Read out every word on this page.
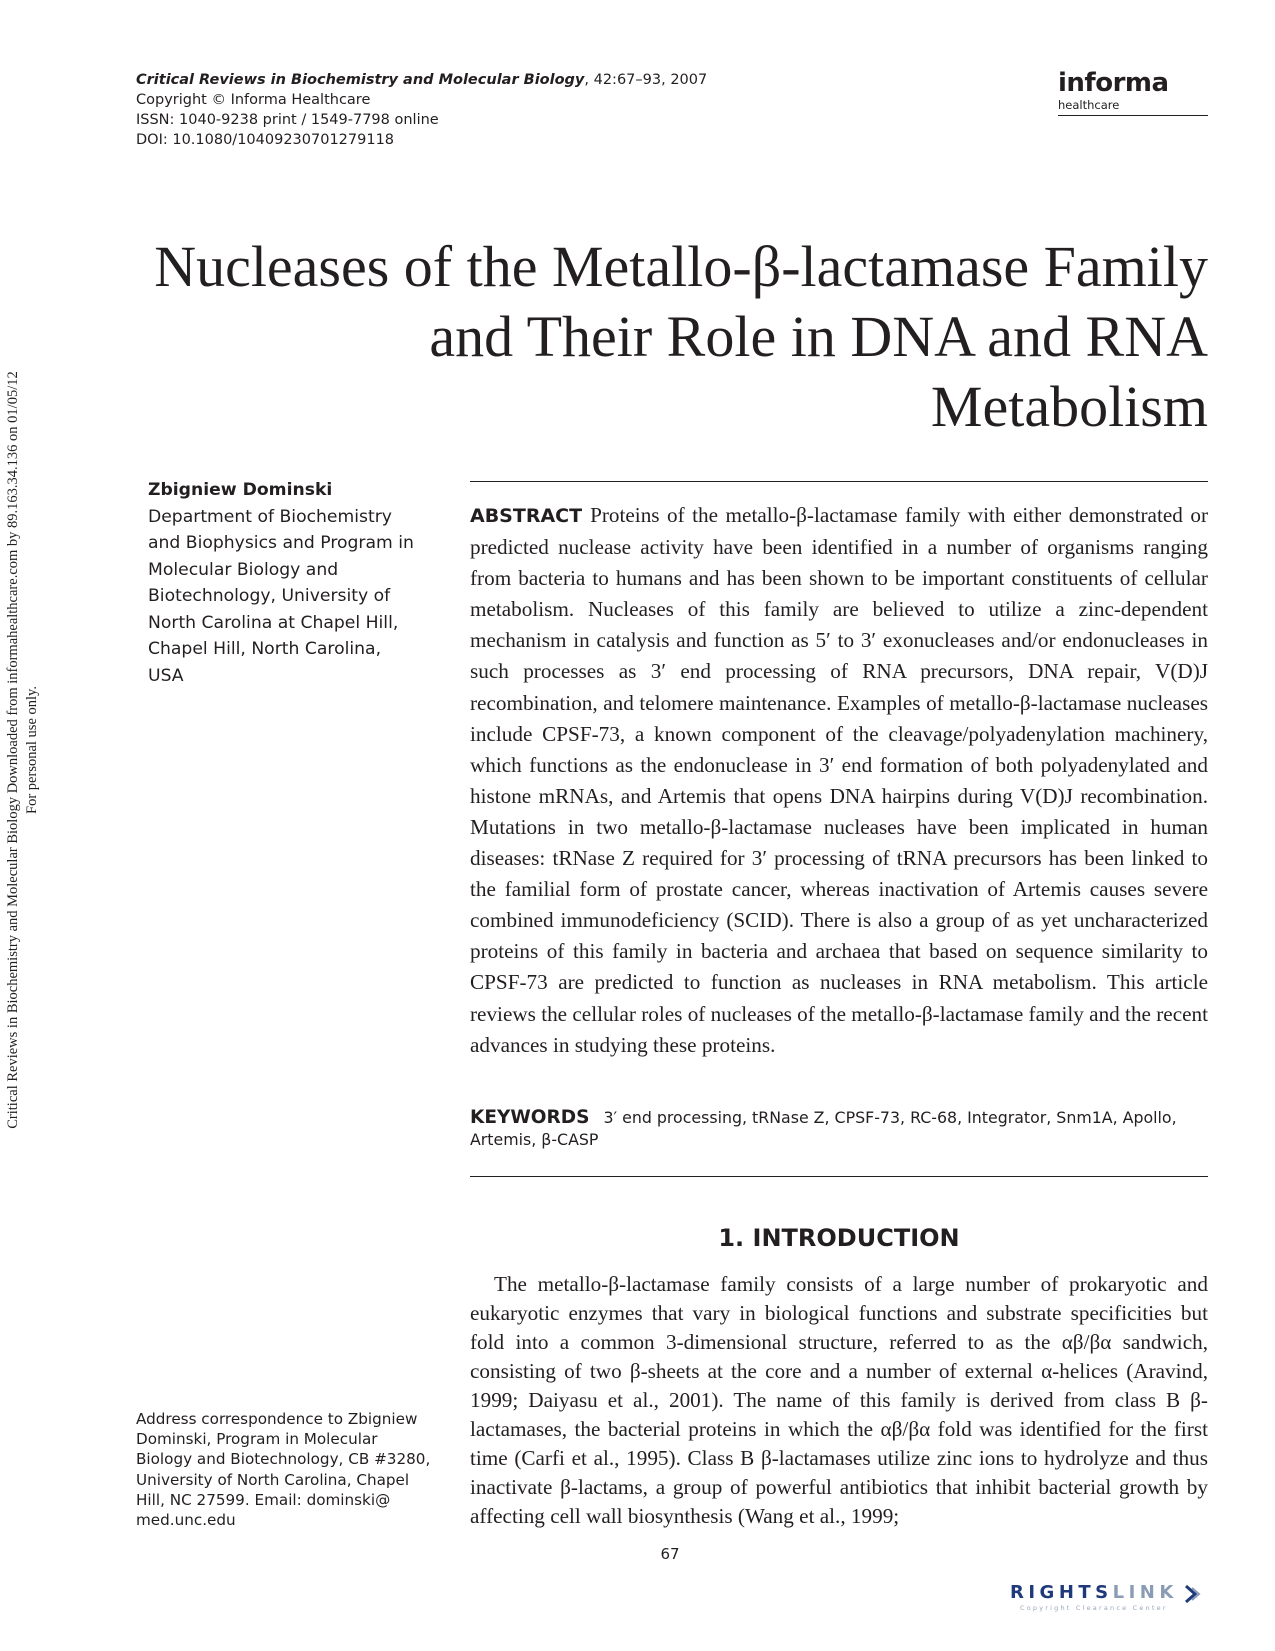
Critical Reviews in Biochemistry and Molecular Biology, 42:67–93, 2007
Copyright © Informa Healthcare
ISSN: 1040-9238 print / 1549-7798 online
DOI: 10.1080/10409230701279118
informa
healthcare
Critical Reviews in Biochemistry and Molecular Biology Downloaded from informahealthcare.com by 89.163.34.136 on 01/05/12 For personal use only.
Nucleases of the Metallo-β-lactamase Family
and Their Role in DNA and RNA
Metabolism
Zbigniew Dominski
Department of Biochemistry
and Biophysics and Program in
Molecular Biology and
Biotechnology, University of
North Carolina at Chapel Hill,
Chapel Hill, North Carolina,
USA
Address correspondence to Zbigniew
Dominski, Program in Molecular
Biology and Biotechnology, CB #3280,
University of North Carolina, Chapel
Hill, NC 27599. Email: dominski@
med.unc.edu
ABSTRACT Proteins of the metallo-β-lactamase family with either demonstrated or predicted nuclease activity have been identified in a number of organisms ranging from bacteria to humans and has been shown to be important constituents of cellular metabolism. Nucleases of this family are believed to utilize a zinc-dependent mechanism in catalysis and function as 5′ to 3′ exonucleases and/or endonucleases in such processes as 3′ end processing of RNA precursors, DNA repair, V(D)J recombination, and telomere maintenance. Examples of metallo-β-lactamase nucleases include CPSF-73, a known component of the cleavage/polyadenylation machinery, which functions as the endonuclease in 3′ end formation of both polyadenylated and histone mRNAs, and Artemis that opens DNA hairpins during V(D)J recombination. Mutations in two metallo-β-lactamase nucleases have been implicated in human diseases: tRNase Z required for 3′ processing of tRNA precursors has been linked to the familial form of prostate cancer, whereas inactivation of Artemis causes severe combined immunodeficiency (SCID). There is also a group of as yet uncharacterized proteins of this family in bacteria and archaea that based on sequence similarity to CPSF-73 are predicted to function as nucleases in RNA metabolism. This article reviews the cellular roles of nucleases of the metallo-β-lactamase family and the recent advances in studying these proteins.
KEYWORDS 3′ end processing, tRNase Z, CPSF-73, RC-68, Integrator, Snm1A, Apollo, Artemis, β-CASP
1. INTRODUCTION
The metallo-β-lactamase family consists of a large number of prokaryotic and eukaryotic enzymes that vary in biological functions and substrate specificities but fold into a common 3-dimensional structure, referred to as the αβ/βα sandwich, consisting of two β-sheets at the core and a number of external α-helices (Aravind, 1999; Daiyasu et al., 2001). The name of this family is derived from class B β-lactamases, the bacterial proteins in which the αβ/βα fold was identified for the first time (Carfi et al., 1995). Class B β-lactamases utilize zinc ions to hydrolyze and thus inactivate β-lactams, a group of powerful antibiotics that inhibit bacterial growth by affecting cell wall biosynthesis (Wang et al., 1999;
67
RIGHTSLINK
Copyright Clearance Center
